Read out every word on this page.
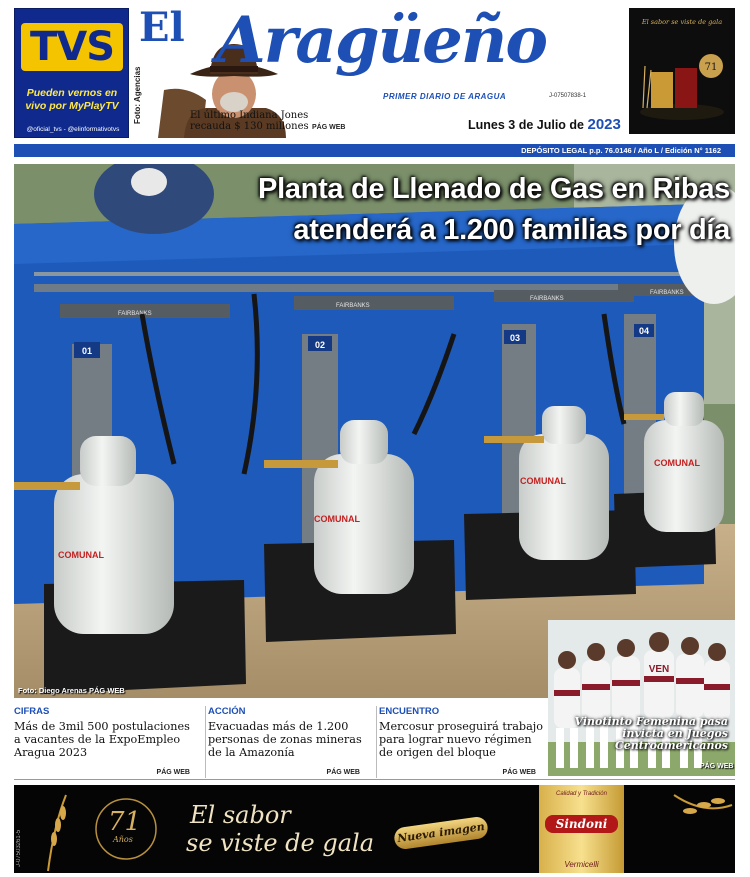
TVS
Pueden vernos en vivo por MyPlayTV
@oficial_tvs - @elinformativotvs
Foto: Agencias
El Aragüeño
PRIMER DIARIO DE ARAGUA	J-07507838-1
El último Indiana Jones recauda $ 130 millones PÁG WEB	Lunes 3 de Julio de 2023
El sabor se viste de gala
71
DEPÓSITO LEGAL p.p. 76.0146 / Año L / Edición N° 1162
01
02
03
04
FAIRBANKS
FAIRBANKS
FAIRBANKS
FAIRBANKS
COMUNAL
COMUNAL
COMUNAL
COMUNAL
Planta de Llenado de Gas en Ribas
atenderá a 1.200 familias por día
Foto: Diego Arenas PÁG WEB
VEN
Vinotinto Femenina pasa invicta en Juegos Centroamericanos
PÁG WEB
CIFRAS
Más de 3mil 500 postulaciones a vacantes de la ExpoEmpleo Aragua 2023
PÁG WEB
ACCIÓN
Evacuadas más de 1.200 personas de zonas mineras de la Amazonía
PÁG WEB
ENCUENTRO
Mercosur proseguirá trabajo para lograr nuevo régimen de origen del bloque
PÁG WEB
J-07503261-5
71
Años
El sabor
se viste de gala	Nueva imagen
Calidad y Tradición
Sindoni
Vermicelli
